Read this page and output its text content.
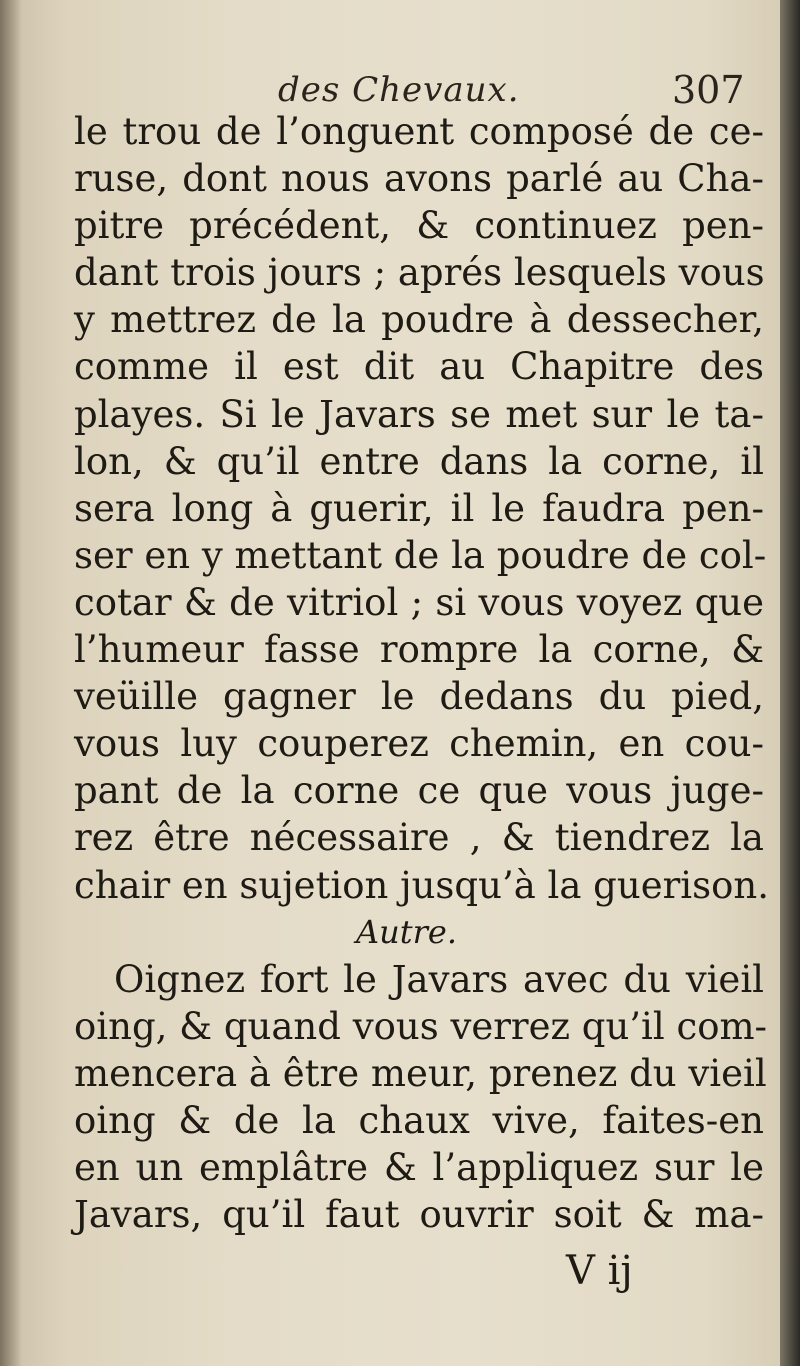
des Chevaux.	307
le trou de l’onguent composé de ce-
ruse, dont nous avons parlé au Cha-
pitre précédent, & continuez pen-
dant trois jours ; aprés lesquels vous
y mettrez de la poudre à dessecher,
comme il est dit au Chapitre des
playes. Si le Javars se met sur le ta-
lon, & qu’il entre dans la corne, il
sera long à guerir, il le faudra pen-
ser en y mettant de la poudre de col-
cotar & de vitriol ; si vous voyez que
l’humeur fasse rompre la corne, &
veüille gagner le dedans du pied,
vous luy couperez chemin, en cou-
pant de la corne ce que vous juge-
rez être nécessaire , & tiendrez la
chair en sujetion jusqu’à la guerison.
Autre.
Oignez fort le Javars avec du vieil
oing, & quand vous verrez qu’il com-
mencera à être meur, prenez du vieil
oing & de la chaux vive, faites-en
en un emplâtre & l’appliquez sur le
Javars, qu’il faut ouvrir soit & ma-
V ij
